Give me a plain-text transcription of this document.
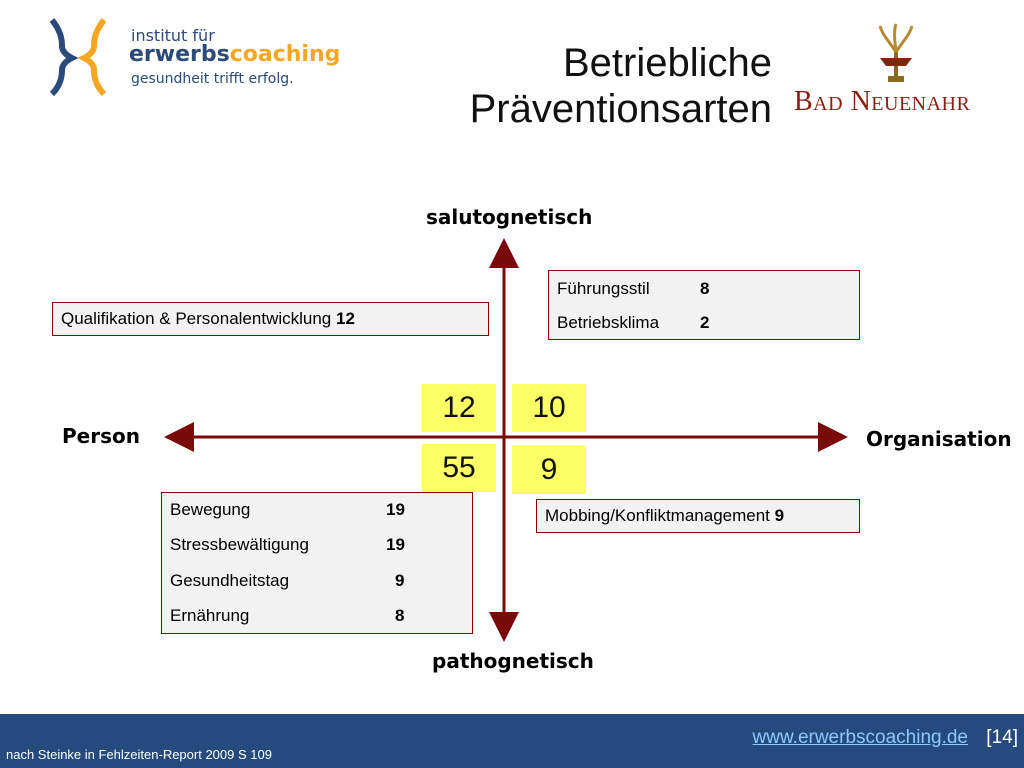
institut für
erwerbscoaching
gesundheit trifft erfolg.	Betriebliche
Präventionsarten Bad Neuenahr
salutognetisch
pathognetisch
Person	Organisation
12	10
55	9
Qualifikation & Personalentwicklung 12
Führungsstil	8
Betriebsklima 2
Bewegung	19
Stressbewältigung	19
Gesundheitstag	9
Ernährung	8
Mobbing/Konfliktmanagement 9
www.erwerbscoaching.de [14]
nach Steinke in Fehlzeiten-Report 2009 S 109
